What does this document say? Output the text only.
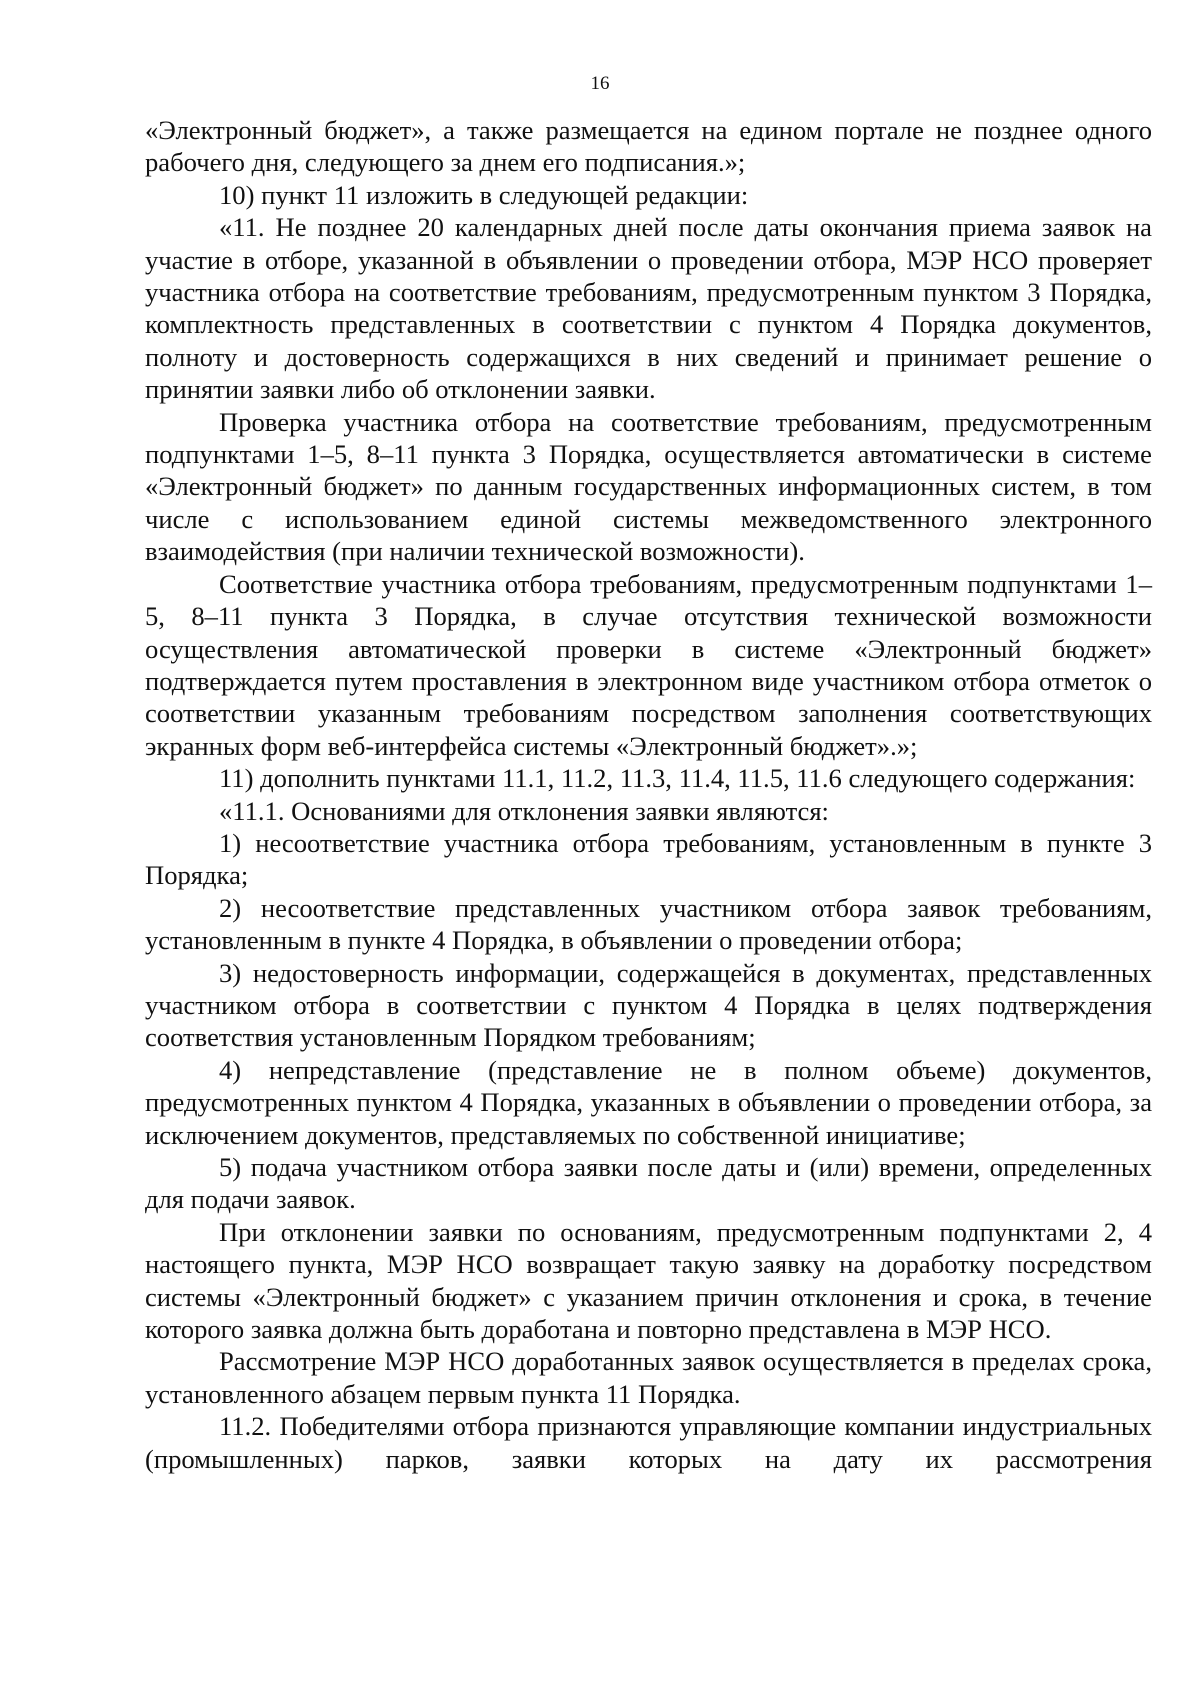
16

«Электронный бюджет», а также размещается на едином портале не позднее одного рабочего дня, следующего за днем его подписания.»;

10) пункт 11 изложить в следующей редакции:

«11. Не позднее 20 календарных дней после даты окончания приема заявок на участие в отборе, указанной в объявлении о проведении отбора, МЭР НСО проверяет участника отбора на соответствие требованиям, предусмотренным пунктом 3 Порядка, комплектность представленных в соответствии с пунктом 4 Порядка документов, полноту и достоверность содержащихся в них сведений и принимает решение о принятии заявки либо об отклонении заявки.

Проверка участника отбора на соответствие требованиям, предусмотренным подпунктами 1–5, 8–11 пункта 3 Порядка, осуществляется автоматически в системе «Электронный бюджет» по данным государственных информационных систем, в том числе с использованием единой системы межведомственного электронного взаимодействия (при наличии технической возможности).

Соответствие участника отбора требованиям, предусмотренным подпунктами 1–5, 8–11 пункта 3 Порядка, в случае отсутствия технической возможности осуществления автоматической проверки в системе «Электронный бюджет» подтверждается путем проставления в электронном виде участником отбора отметок о соответствии указанным требованиям посредством заполнения соответствующих экранных форм веб-интерфейса системы «Электронный бюджет».»;

11) дополнить пунктами 11.1, 11.2, 11.3, 11.4, 11.5, 11.6 следующего содержания:

«11.1. Основаниями для отклонения заявки являются:

1) несоответствие участника отбора требованиям, установленным в пункте 3 Порядка;

2) несоответствие представленных участником отбора заявок требованиям, установленным в пункте 4 Порядка, в объявлении о проведении отбора;

3) недостоверность информации, содержащейся в документах, представленных участником отбора в соответствии с пунктом 4 Порядка в целях подтверждения соответствия установленным Порядком требованиям;

4) непредставление (представление не в полном объеме) документов, предусмотренных пунктом 4 Порядка, указанных в объявлении о проведении отбора, за исключением документов, представляемых по собственной инициативе;

5) подача участником отбора заявки после даты и (или) времени, определенных для подачи заявок.

При отклонении заявки по основаниям, предусмотренным подпунктами 2, 4 настоящего пункта, МЭР НСО возвращает такую заявку на доработку посредством системы «Электронный бюджет» с указанием причин отклонения и срока, в течение которого заявка должна быть доработана и повторно представлена в МЭР НСО.

Рассмотрение МЭР НСО доработанных заявок осуществляется в пределах срока, установленного абзацем первым пункта 11 Порядка.

11.2. Победителями отбора признаются управляющие компании индустриальных (промышленных) парков, заявки которых на дату их рассмотрения
